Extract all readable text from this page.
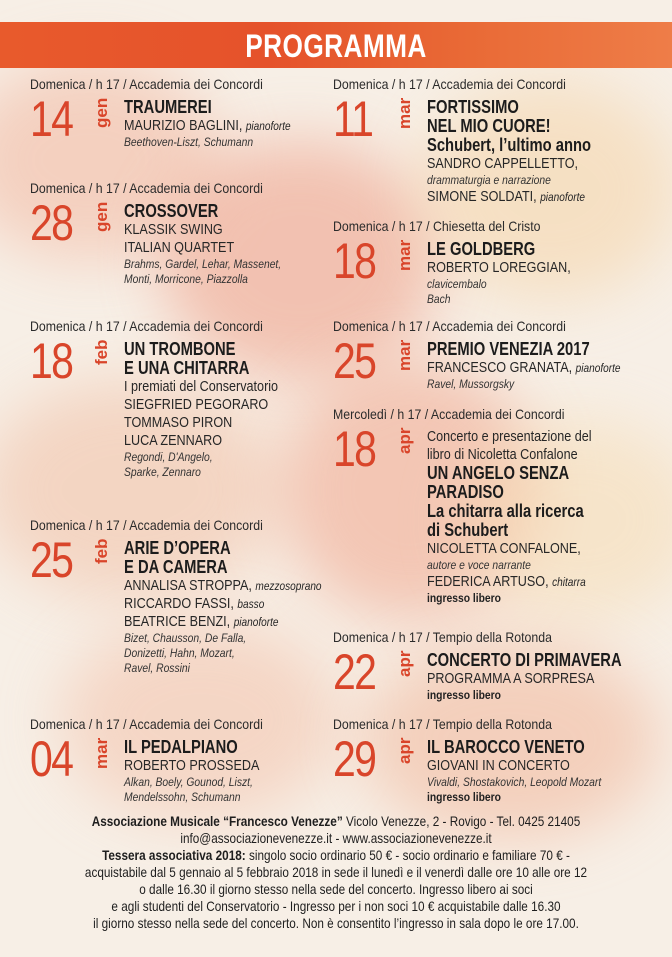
PROGRAMMA
Domenica / h 17 / Accademia dei Concordi
14 gen TRAUMEREI
MAURIZIO BAGLINI, pianoforte
Beethoven-Liszt, Schumann
Domenica / h 17 / Accademia dei Concordi
28 gen CROSSOVER
KLASSIK SWING
ITALIAN QUARTET
Brahms, Gardel, Lehar, Massenet,
Monti, Morricone, Piazzolla
Domenica / h 17 / Accademia dei Concordi
18 feb UN TROMBONE
E UNA CHITARRA
I premiati del Conservatorio
SIEGFRIED PEGORARO
TOMMASO PIRON
LUCA ZENNARO
Regondi, D'Angelo,
Sparke, Zennaro
Domenica / h 17 / Accademia dei Concordi
25 feb ARIE D’OPERA
E DA CAMERA
ANNALISA STROPPA, mezzosoprano
RICCARDO FASSI, basso
BEATRICE BENZI, pianoforte
Bizet, Chausson, De Falla,
Donizetti, Hahn, Mozart,
Ravel, Rossini
Domenica / h 17 / Accademia dei Concordi
04 mar IL PEDALPIANO
ROBERTO PROSSEDA
Alkan, Boely, Gounod, Liszt,
Mendelssohn, Schumann
Domenica / h 17 / Accademia dei Concordi
11 mar FORTISSIMO
NEL MIO CUORE!
Schubert, l’ultimo anno
SANDRO CAPPELLETTO,
drammaturgia e narrazione
SIMONE SOLDATI, pianoforte
Domenica / h 17 / Chiesetta del Cristo
18 mar LE GOLDBERG
ROBERTO LOREGGIAN,
clavicembalo
Bach
Domenica / h 17 / Accademia dei Concordi
25 mar PREMIO VENEZIA 2017
FRANCESCO GRANATA, pianoforte
Ravel, Mussorgsky
Mercoledì / h 17 / Accademia dei Concordi
18 apr Concerto e presentazione del
libro di Nicoletta Confalone
UN ANGELO SENZA
PARADISO
La chitarra alla ricerca
di Schubert
NICOLETTA CONFALONE,
autore e voce narrante
FEDERICA ARTUSO, chitarra
ingresso libero
Domenica / h 17 / Tempio della Rotonda
22 apr CONCERTO DI PRIMAVERA
PROGRAMMA A SORPRESA
ingresso libero
Domenica / h 17 / Tempio della Rotonda
29 apr IL BAROCCO VENETO
GIOVANI IN CONCERTO
Vivaldi, Shostakovich, Leopold Mozart
ingresso libero
Associazione Musicale “Francesco Venezze” Vicolo Venezze, 2 - Rovigo - Tel. 0425 21405
info@associazionevenezze.it - www.associazionevenezze.it
Tessera associativa 2018: singolo socio ordinario 50 € - socio ordinario e familiare 70 € -
acquistabile dal 5 gennaio al 5 febbraio 2018 in sede il lunedì e il venerdì dalle ore 10 alle ore 12
o dalle 16.30 il giorno stesso nella sede del concerto. Ingresso libero ai soci
e agli studenti del Conservatorio - Ingresso per i non soci 10 € acquistabile dalle 16.30
il giorno stesso nella sede del concerto. Non è consentito l’ingresso in sala dopo le ore 17.00.
